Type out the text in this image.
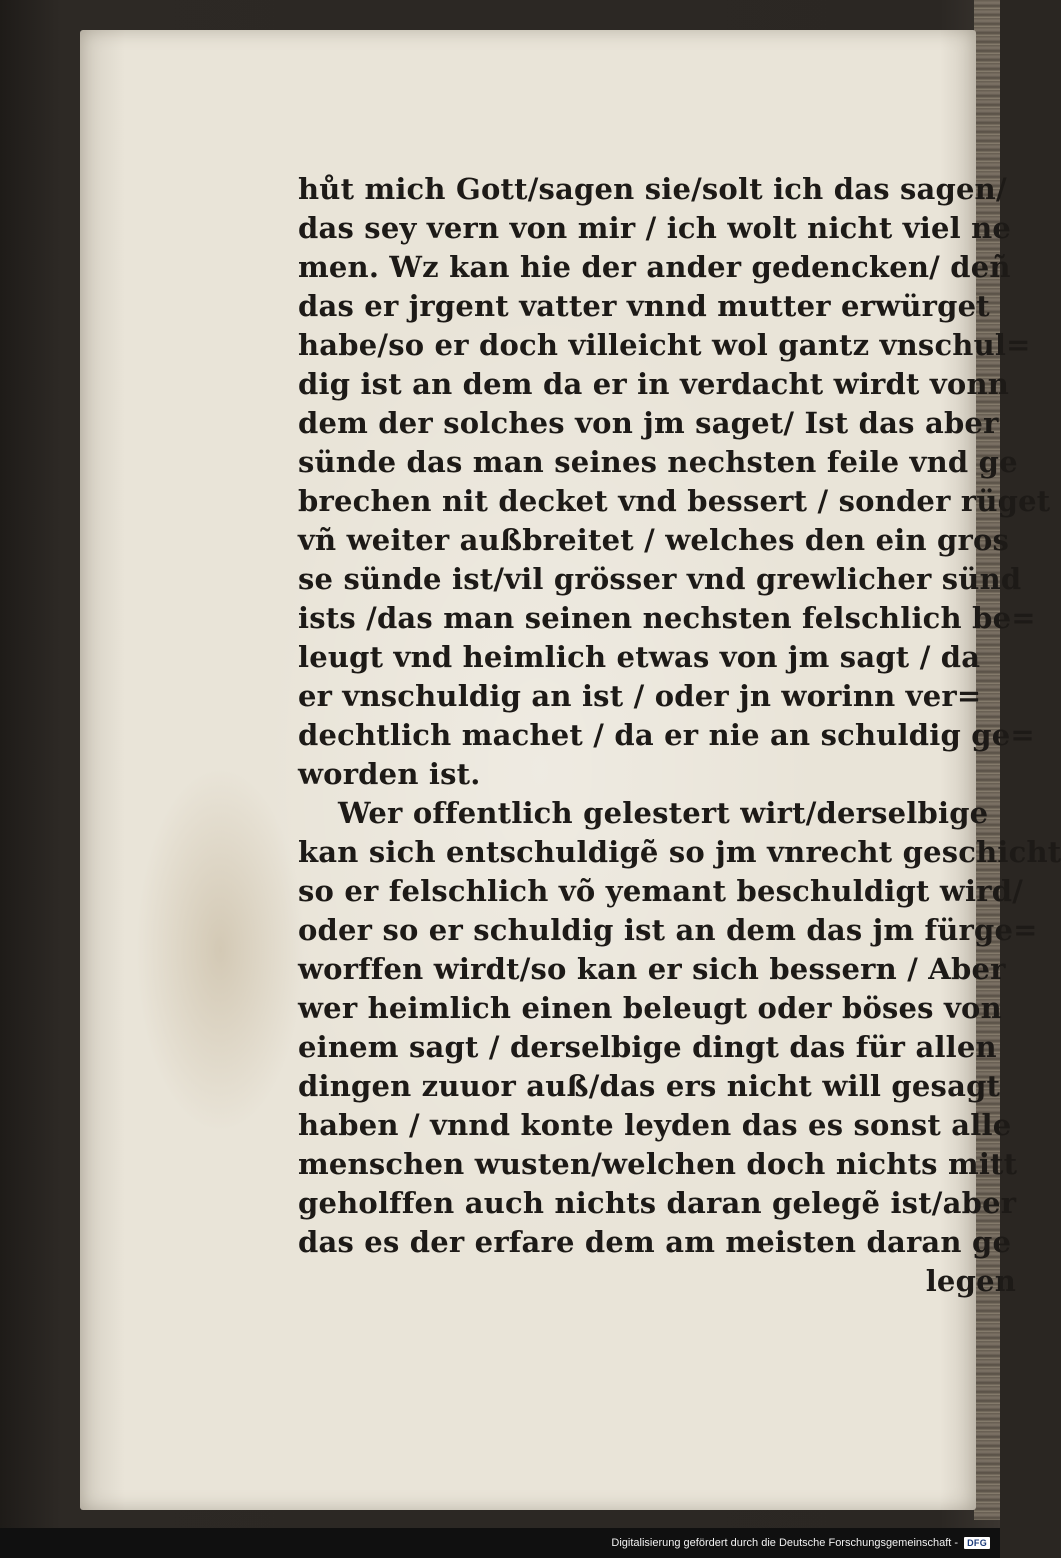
hůt mich Gott/sagen sie/solt ich das sagen/
das sey vern von mir / ich wolt nicht viel ne
men. Wz kan hie der ander gedencken/ deñ
das er jrgent vatter vnnd mutter erwürget
habe/so er doch villeicht wol gantz vnschul=
dig ist an dem da er in verdacht wirdt vonn
dem der solches von jm saget/ Ist das aber
sünde das man seines nechsten feile vnd ge
brechen nit decket vnd bessert / sonder rüget
vñ weiter außbreitet / welches den ein gros
se sünde ist/vil grösser vnd grewlicher sünd
ists /das man seinen nechsten felschlich be=
leugt vnd heimlich etwas von jm sagt / da
er vnschuldig an ist / oder jn worinn ver=
dechtlich machet / da er nie an schuldig ge=
worden ist.
Wer offentlich gelestert wirt/derselbige
kan sich entschuldigẽ so jm vnrecht geschicht
so er felschlich võ yemant beschuldigt wird/
oder so er schuldig ist an dem das jm fürge=
worffen wirdt/so kan er sich bessern / Aber
wer heimlich einen beleugt oder böses von
einem sagt / derselbige dingt das für allen
dingen zuuor auß/das ers nicht will gesagt
haben / vnnd konte leyden das es sonst alle
menschen wusten/welchen doch nichts mitt
geholffen auch nichts daran gelegẽ ist/aber
das es der erfare dem am meisten daran ge
legen
Digitalisierung gefördert durch die Deutsche Forschungsgemeinschaft -	DFG
